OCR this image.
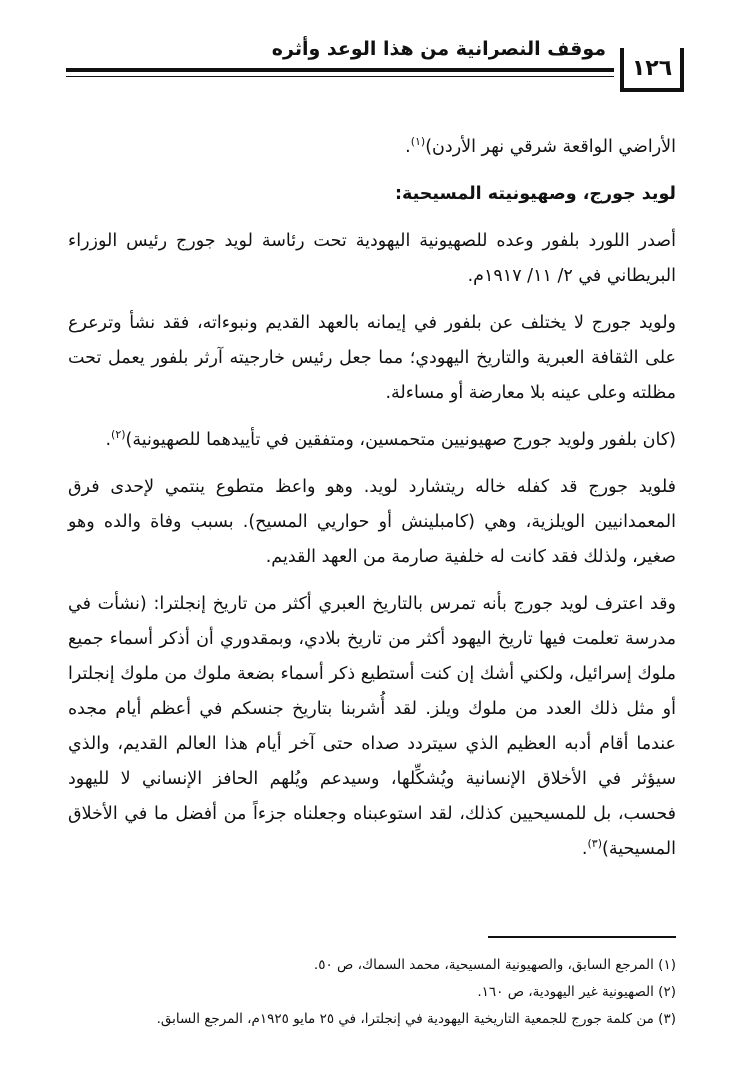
١٢٦
موقف النصرانية من هذا الوعد وأثره

الأراضي الواقعة شرقي نهر الأردن)$^{(١)}$.

لويد جورج، وصهيونيته المسيحية:

أصدر اللورد بلفور وعده للصهيونية اليهودية تحت رئاسة لويد جورج رئيس الوزراء البريطاني في ٢/ ١١/ ١٩١٧م.

ولويد جورج لا يختلف عن بلفور في إيمانه بالعهد القديم ونبوءاته، فقد نشأ وترعرع على الثقافة العبرية والتاريخ اليهودي؛ مما جعل رئيس خارجيته آرثر بلفور يعمل تحت مظلته وعلى عينه بلا معارضة أو مساءلة.

(كان بلفور ولويد جورج صهيونيين متحمسين، ومتفقين في تأييدهما للصهيونية)$^{(٢)}$.

فلويد جورج قد كفله خاله ريتشارد لويد. وهو واعظ متطوع ينتمي لإحدى فرق المعمدانيين الويلزية، وهي (كامبلينش أو حواريي المسيح). بسبب وفاة والده وهو صغير، ولذلك فقد كانت له خلفية صارمة من العهد القديم.

وقد اعترف لويد جورج بأنه تمرس بالتاريخ العبري أكثر من تاريخ إنجلترا: (نشأت في مدرسة تعلمت فيها تاريخ اليهود أكثر من تاريخ بلادي، وبمقدوري أن أذكر أسماء جميع ملوك إسرائيل، ولكني أشك إن كنت أستطيع ذكر أسماء بضعة ملوك من ملوك إنجلترا أو مثل ذلك العدد من ملوك ويلز. لقد أُشربنا بتاريخ جنسكم في أعظم أيام مجده عندما أقام أدبه العظيم الذي سيتردد صداه حتى آخر أيام هذا العالم القديم، والذي سيؤثر في الأخلاق الإنسانية ويُشكِّلها، وسيدعم ويُلهم الحافز الإنساني لا لليهود فحسب، بل للمسيحيين كذلك، لقد استوعبناه وجعلناه جزءاً من أفضل ما في الأخلاق المسيحية)$^{(٣)}$.

(١) المرجع السابق، والصهيونية المسيحية، محمد السماك، ص ٥٠.
(٢) الصهيونية غير اليهودية، ص ١٦٠.
(٣) من كلمة جورج للجمعية التاريخية اليهودية في إنجلترا، في ٢٥ مايو ١٩٢٥م، المرجع السابق.
